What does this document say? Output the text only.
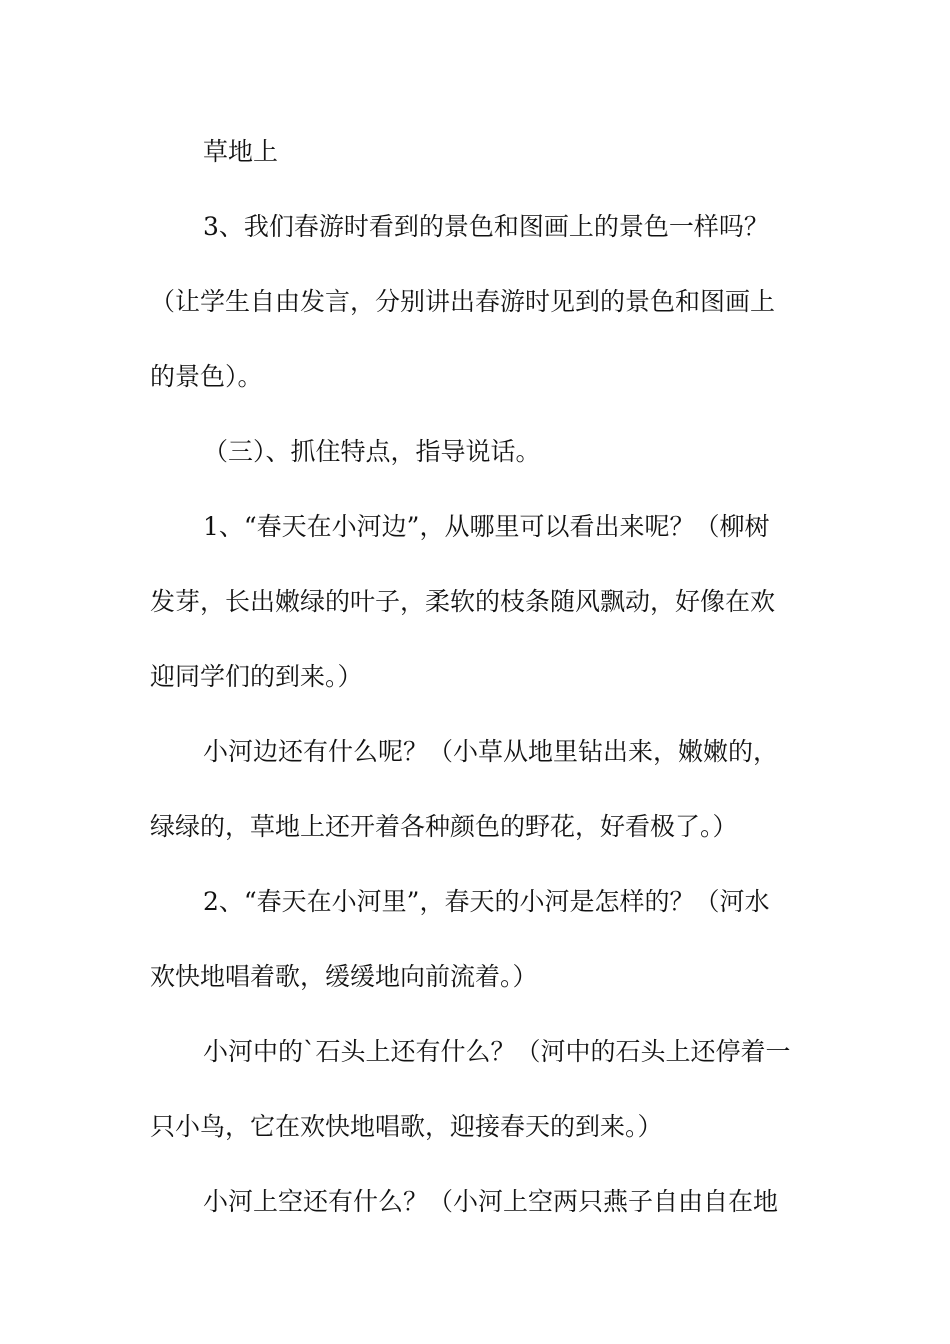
草地上
3、我们春游时看到的景色和图画上的景色一样吗？
（让学生自由发言，分别讲出春游时见到的景色和图画上
的景色）。
（三）、抓住特点，指导说话。
1、“春天在小河边”，从哪里可以看出来呢？（柳树
发芽，长出嫩绿的叶子，柔软的枝条随风飘动，好像在欢
迎同学们的到来。）
小河边还有什么呢？（小草从地里钻出来，嫩嫩的，
绿绿的，草地上还开着各种颜色的野花，好看极了。）
2、“春天在小河里”，春天的小河是怎样的？（河水
欢快地唱着歌，缓缓地向前流着。）
小河中的`石头上还有什么？（河中的石头上还停着一
只小鸟，它在欢快地唱歌，迎接春天的到来。）
小河上空还有什么？（小河上空两只燕子自由自在地
